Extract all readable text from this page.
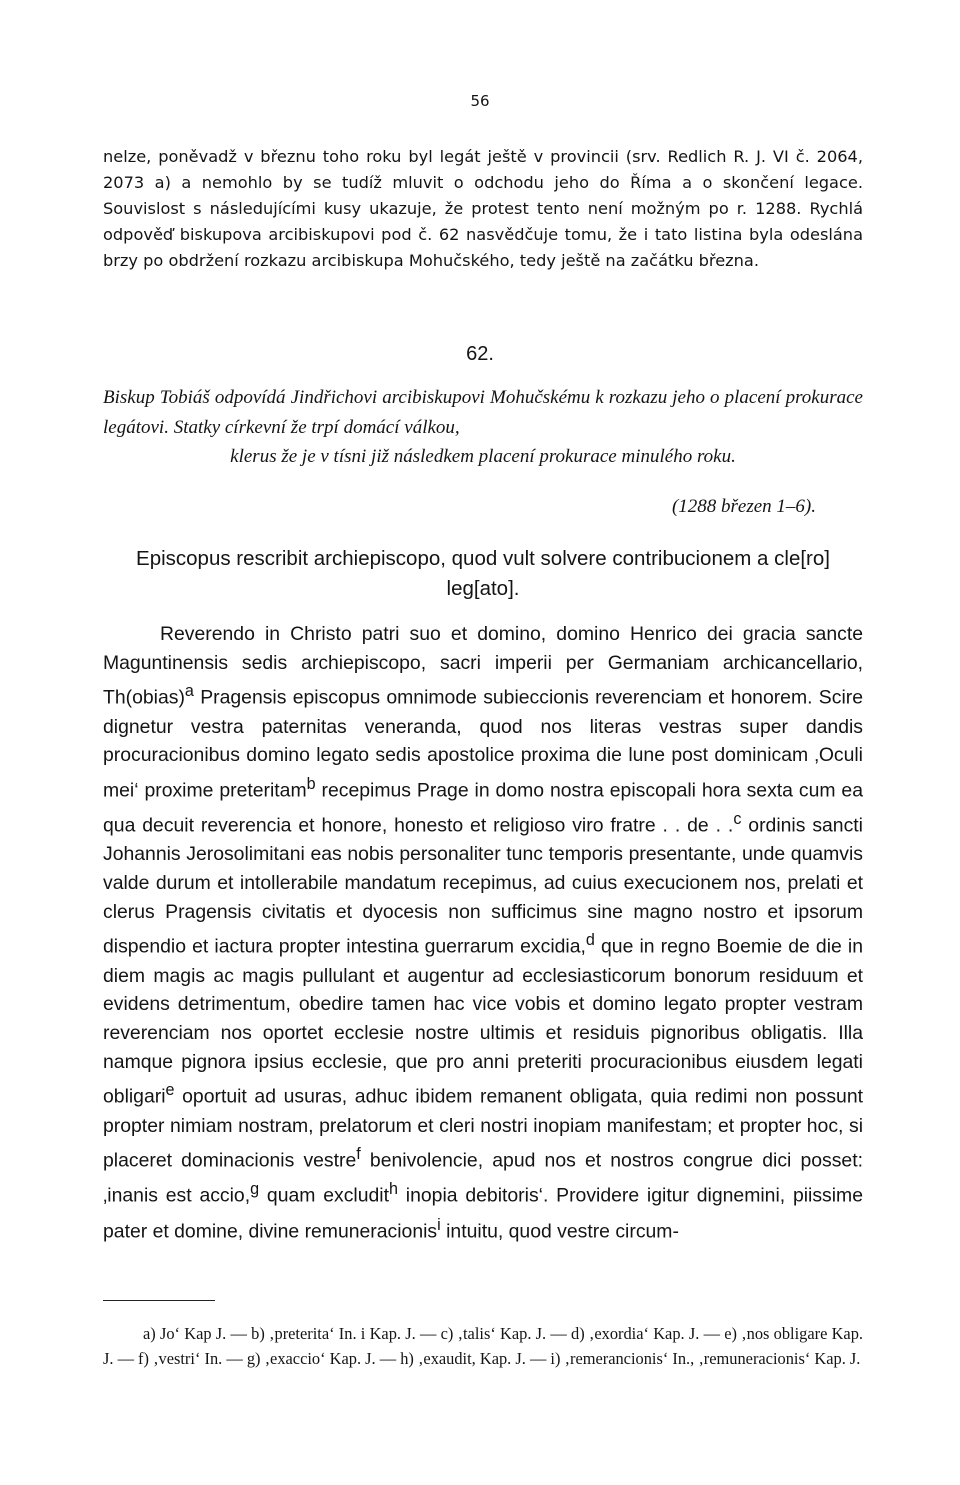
56

nelze, poněvadž v březnu toho roku byl legát ještě v provincii (srv. Redlich R. J. VI č. 2064, 2073 a) a nemohlo by se tudíž mluvit o odchodu jeho do Říma a o skončení legace. Souvislost s následujícími kusy ukazuje, že protest tento není možným po r. 1288. Rychlá odpověď biskupova arcibiskupovi pod č. 62 nasvědčuje tomu, že i tato listina byla odeslána brzy po obdržení rozkazu arcibiskupa Mohučského, tedy ještě na začátku března.

62.

Biskup Tobiáš odpovídá Jindřichovi arcibiskupovi Mohučskému k rozkazu jeho o placení prokurace legátovi. Statky církevní že trpí domácí válkou,
klerus že je v tísni již následkem placení prokurace minulého roku.

(1288 březen 1–6).

Episcopus rescribit archiepiscopo, quod vult solvere contribucionem a cle[ro] leg[ato].

Reverendo in Christo patri suo et domino, domino Henrico dei gracia sancte Maguntinensis sedis archiepiscopo, sacri imperii per Germaniam archicancellario, Th(obias)$^a$ Pragensis episcopus omnimode subieccionis reverenciam et honorem. Scire dignetur vestra paternitas veneranda, quod nos literas vestras super dandis procuracionibus domino legato sedis apostolice proxima die lune post dominicam ‚Oculi mei‘ proxime preteritam$^b$ recepimus Prage in domo nostra episcopali hora sexta cum ea qua decuit reverencia et honore, honesto et religioso viro fratre . . de . .$^c$ ordinis sancti Johannis Jerosolimitani eas nobis personaliter tunc temporis presentante, unde quamvis valde durum et intollerabile mandatum recepimus, ad cuius execucionem nos, prelati et clerus Pragensis civitatis et dyocesis non sufficimus sine magno nostro et ipsorum dispendio et iactura propter intestina guerrarum excidia,$^d$ que in regno Boemie de die in diem magis ac magis pullulant et augentur ad ecclesiasticorum bonorum residuum et evidens detrimentum, obedire tamen hac vice vobis et domino legato propter vestram reverenciam nos oportet ecclesie nostre ultimis et residuis pignoribus obligatis. Illa namque pignora ipsius ecclesie, que pro anni preteriti procuracionibus eiusdem legati obligari$^e$ oportuit ad usuras, adhuc ibidem remanent obligata, quia redimi non possunt propter nimiam nostram, prelatorum et cleri nostri inopiam manifestam; et propter hoc, si placeret dominacionis vestre$^f$ benivolencie, apud nos et nostros congrue dici posset: ‚inanis est accio,$^g$ quam excludit$^h$ inopia debitoris‘. Providere igitur dignemini, piissime pater et domine, divine remuneracionis$^i$ intuitu, quod vestre circum-

a) Jo‘ Kap J. — b) ‚preterita‘ In. i Kap. J. — c) ‚talis‘ Kap. J. — d) ‚exordia‘ Kap. J. — e) ‚nos obligare Kap. J. — f) ‚vestri‘ In. — g) ‚exaccio‘ Kap. J. — h) ‚exaudit, Kap. J. — i) ‚remerancionis‘ In., ‚remuneracionis‘ Kap. J.
